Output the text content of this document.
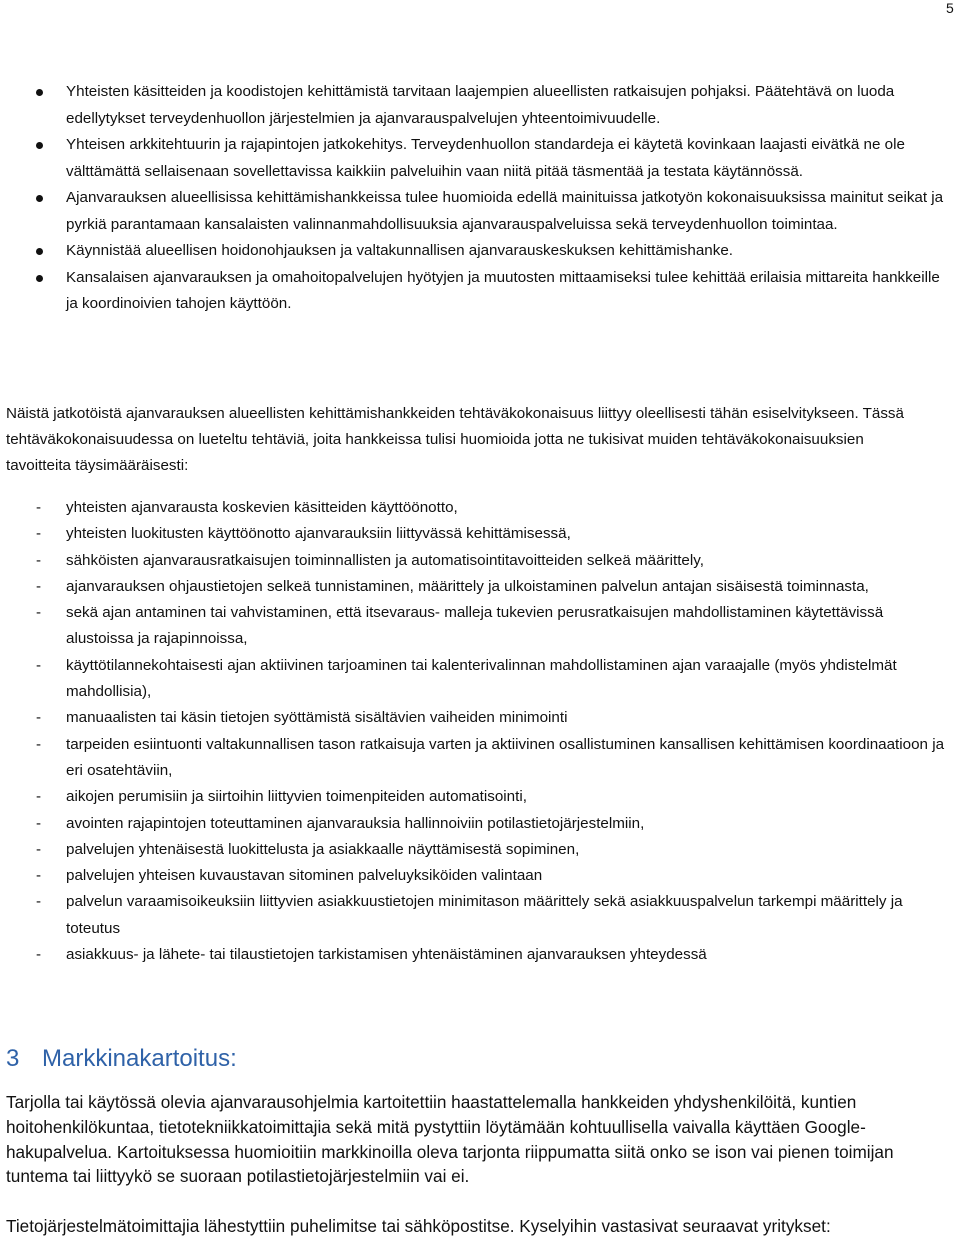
5
Yhteisten käsitteiden ja koodistojen kehittämistä tarvitaan laajempien alueellisten ratkaisujen pohjaksi. Päätehtävä on luoda edellytykset terveydenhuollon järjestelmien ja ajanvarauspalvelujen yhteentoimivuudelle.
Yhteisen arkkitehtuurin ja rajapintojen jatkokehitys. Terveydenhuollon standardeja ei käytetä kovinkaan laajasti eivätkä ne ole välttämättä sellaisenaan sovellettavissa kaikkiin palveluihin vaan niitä pitää täsmentää ja testata käytännössä.
Ajanvarauksen alueellisissa kehittämishankkeissa tulee huomioida edellä mainituissa jatkotyön kokonaisuuksissa mainitut seikat ja pyrkiä parantamaan kansalaisten valinnanmahdollisuuksia ajanvarauspalveluissa sekä terveydenhuollon toimintaa.
Käynnistää alueellisen hoidonohjauksen ja valtakunnallisen ajanvarauskeskuksen kehittämishanke.
Kansalaisen ajanvarauksen ja omahoitopalvelujen hyötyjen ja muutosten mittaamiseksi tulee kehittää erilaisia mittareita hankkeille ja koordinoivien tahojen käyttöön.

Näistä jatkotöistä ajanvarauksen alueellisten kehittämishankkeiden tehtäväkokonaisuus liittyy oleellisesti tähän esiselvitykseen. Tässä tehtäväkokonaisuudessa on lueteltu tehtäviä, joita hankkeissa tulisi huomioida jotta ne tukisivat muiden tehtäväkokonaisuuksien tavoitteita täysimääräisesti:

- yhteisten ajanvarausta koskevien käsitteiden käyttöönotto,
- yhteisten luokitusten käyttöönotto ajanvarauksiin liittyvässä kehittämisessä,
- sähköisten ajanvarausratkaisujen toiminnallisten ja automatisointitavoitteiden selkeä määrittely,
- ajanvarauksen ohjaustietojen selkeä tunnistaminen, määrittely ja ulkoistaminen palvelun antajan sisäisestä toiminnasta,
- sekä ajan antaminen tai vahvistaminen, että itsevaraus- malleja tukevien perusratkaisujen mahdollistaminen käytettävissä alustoissa ja rajapinnoissa,
- käyttötilannekohtaisesti ajan aktiivinen tarjoaminen tai kalenterivalinnan mahdollistaminen ajan varaajalle (myös yhdistelmät mahdollisia),
- manuaalisten tai käsin tietojen syöttämistä sisältävien vaiheiden minimointi
- tarpeiden esiintuonti valtakunnallisen tason ratkaisuja varten ja aktiivinen osallistuminen kansallisen kehittämisen koordinaatioon ja eri osatehtäviin,
- aikojen perumisiin ja siirtoihin liittyvien toimenpiteiden automatisointi,
- avointen rajapintojen toteuttaminen ajanvarauksia hallinnoiviin potilastietojärjestelmiin,
- palvelujen yhtenäisestä luokittelusta ja asiakkaalle näyttämisestä sopiminen,
- palvelujen yhteisen kuvaustavan sitominen palveluyksiköiden valintaan
- palvelun varaamisoikeuksiin liittyvien asiakkuustietojen minimitason määrittely sekä asiakkuuspalvelun tarkempi määrittely ja toteutus
- asiakkuus- ja lähete- tai tilaustietojen tarkistamisen yhtenäistäminen ajanvarauksen yhteydessä
3 Markkinakartoitus:

Tarjolla tai käytössä olevia ajanvarausohjelmia kartoitettiin haastattelemalla hankkeiden yhdyshenkilöitä, kuntien hoitohenkilökuntaa, tietotekniikkatoimittajia sekä mitä pystyttiin löytämään kohtuullisella vaivalla käyttäen Google-hakupalvelua. Kartoituksessa huomioitiin markkinoilla oleva tarjonta riippumatta siitä onko se ison vai pienen toimijan tuntema tai liittyykö se suoraan potilastietojärjestelmiin vai ei.

Tietojärjestelmätoimittajia lähestyttiin puhelimitse tai sähköpostitse. Kyselyihin vastasivat seuraavat yritykset:
